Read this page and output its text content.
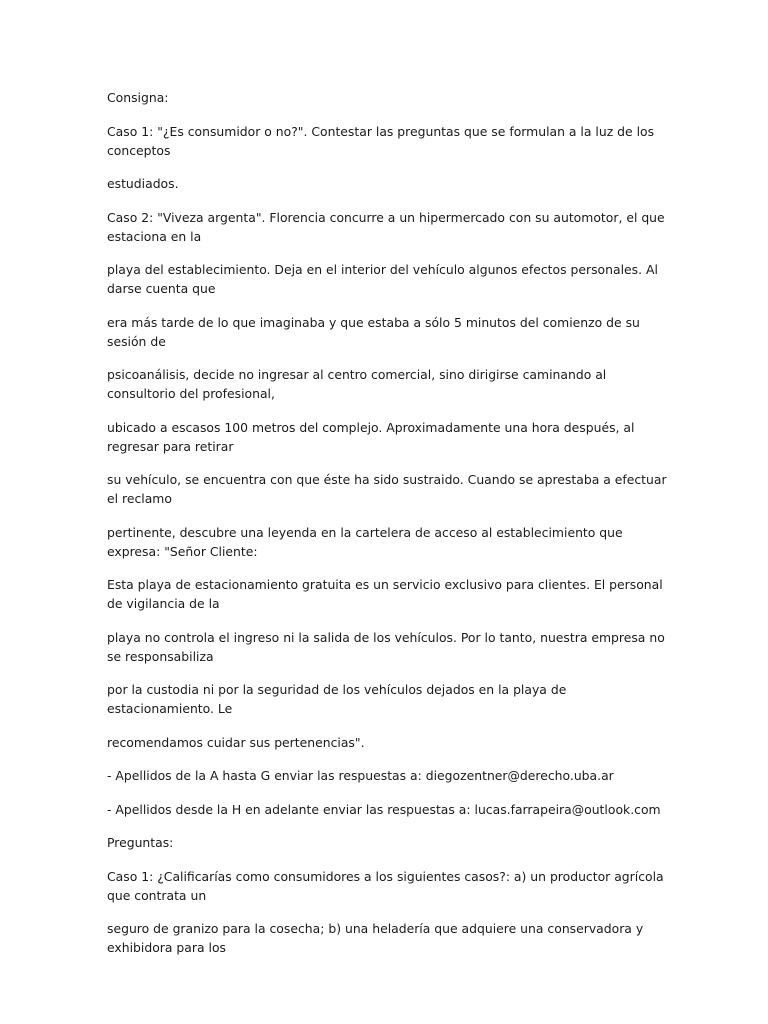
Consigna:

Caso 1: "¿Es consumidor o no?". Contestar las preguntas que se formulan a la luz de los conceptos

estudiados.

Caso 2: "Viveza argenta". Florencia concurre a un hipermercado con su automotor, el que estaciona en la

playa del establecimiento. Deja en el interior del vehículo algunos efectos personales. Al darse cuenta que

era más tarde de lo que imaginaba y que estaba a sólo 5 minutos del comienzo de su sesión de

psicoanálisis, decide no ingresar al centro comercial, sino dirigirse caminando al consultorio del profesional,

ubicado a escasos 100 metros del complejo. Aproximadamente una hora después, al regresar para retirar

su vehículo, se encuentra con que éste ha sido sustraido. Cuando se aprestaba a efectuar el reclamo

pertinente, descubre una leyenda en la cartelera de acceso al establecimiento que expresa: "Señor Cliente:

Esta playa de estacionamiento gratuita es un servicio exclusivo para clientes. El personal de vigilancia de la

playa no controla el ingreso ni la salida de los vehículos. Por lo tanto, nuestra empresa no se responsabiliza

por la custodia ni por la seguridad de los vehículos dejados en la playa de estacionamiento. Le

recomendamos cuidar sus pertenencias".

- Apellidos de la A hasta G enviar las respuestas a: diegozentner@derecho.uba.ar

- Apellidos desde la H en adelante enviar las respuestas a: lucas.farrapeira@outlook.com

Preguntas:

Caso 1: ¿Calificarías como consumidores a los siguientes casos?: a) un productor agrícola que contrata un

seguro de granizo para la cosecha; b) una heladería que adquiere una conservadora y exhibidora para los
